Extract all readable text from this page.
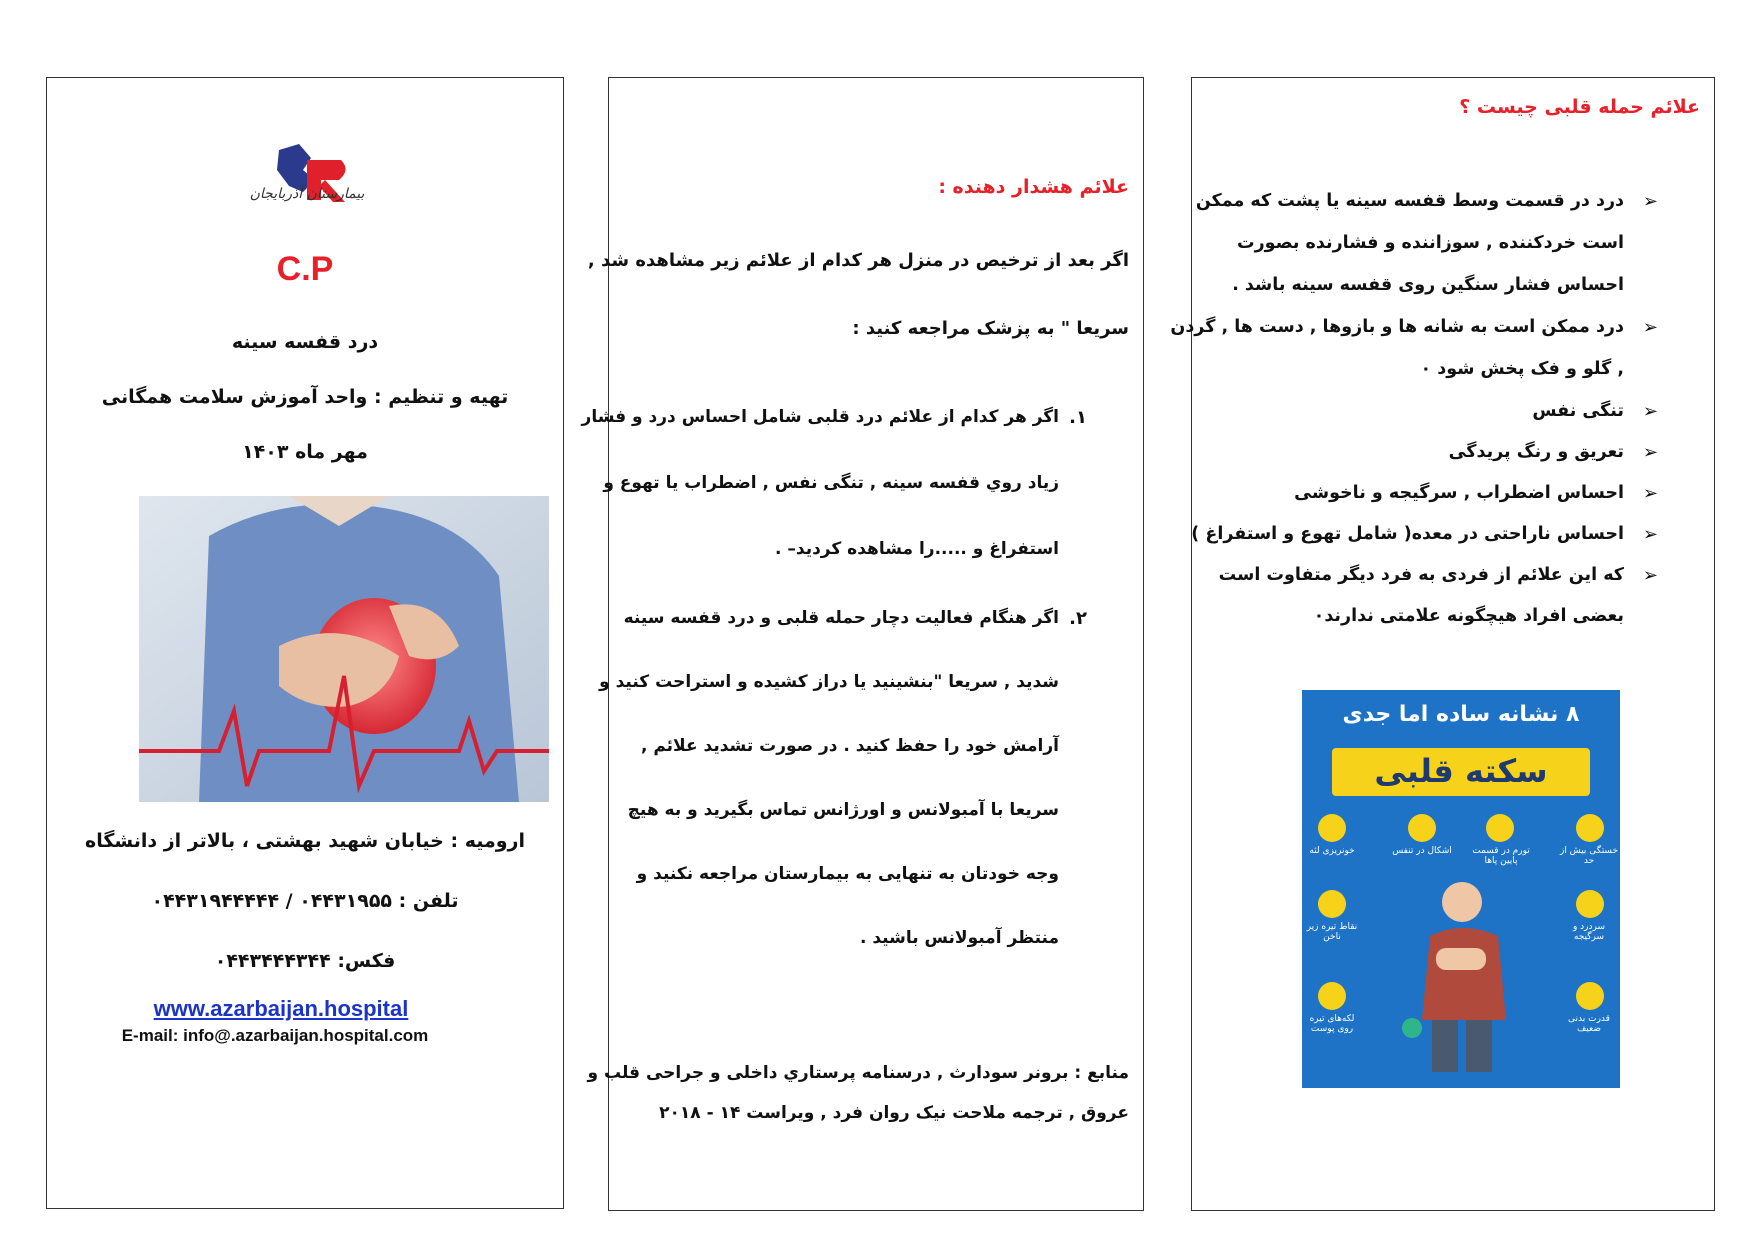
بیمارستان آذربایجان
C.P
درد قفسه سینه
تهیه و تنظیم : واحد آموزش سلامت همگانی
مهر ماه ۱۴۰۳
ارومیه : خیابان شهید بهشتی ، بالاتر از دانشگاه
تلفن : ۰۴۴۳۱۹۵۵ / ۰۴۴۳۱۹۴۴۴۴۴
فکس: ۰۴۴۳۴۴۴۳۴۴
www.azarbaijan.hospital
E-mail: info@.azarbaijan.hospital.com
علائم هشدار دهنده :
اگر بعد از ترخیص در منزل هر کدام از علائم زیر مشاهده شد ,
سریعا " به پزشک مراجعه کنید :
۱.
اگر هر کدام از علائم درد قلبی شامل احساس درد و فشار
زیاد روي قفسه سینه , تنگی نفس , اضطراب یا تهوع و
استفراغ و .....را مشاهده کردید– .
۲.
اگر هنگام فعالیت دچار حمله قلبی و درد قفسه سینه
شدید , سریعا "بنشینید یا دراز کشیده و استراحت کنید و
آرامش خود را حفظ کنید . در صورت تشدید علائم ,
سریعا با آمبولانس و اورژانس تماس بگیرید و به هیچ
وجه خودتان به تنهایی به بیمارستان مراجعه نکنید و
منتظر آمبولانس باشید .
منابع : برونر سودارث , درسنامه پرستاري داخلی و جراحی قلب و
عروق , ترجمه ملاحت نیک روان فرد , ویراست ۱۴ - ۲۰۱۸
علائم حمله قلبی چیست ؟
➢
درد در قسمت وسط قفسه سینه یا پشت که ممکن
است خردکننده , سوزاننده و فشارنده بصورت
احساس فشار سنگین روی قفسه سینه باشد .
➢
درد ممکن است به شانه ها و بازوها , دست ها , گردن
, گلو و فک پخش شود ۰
➢
تنگی نفس
➢
تعریق و رنگ پریدگی
➢
احساس اضطراب , سرگیجه و ناخوشی
➢
احساس ناراحتی در معده( شامل تهوع و استفراغ )
➢
که این علائم از فردی به فرد دیگر متفاوت است
بعضی افراد هیچگونه علامتی ندارند۰
۸ نشانه ساده اما جدی
سکته قلبی
خستگی بیش از حد
تورم در قسمت پایین پاها
اشکال در تنفس
خونریزی لثه
سردرد و سرگیجه
نقاط تیره زیر ناخن
قدرت بدنی ضعیف
لکه‌های تیره روی پوست
